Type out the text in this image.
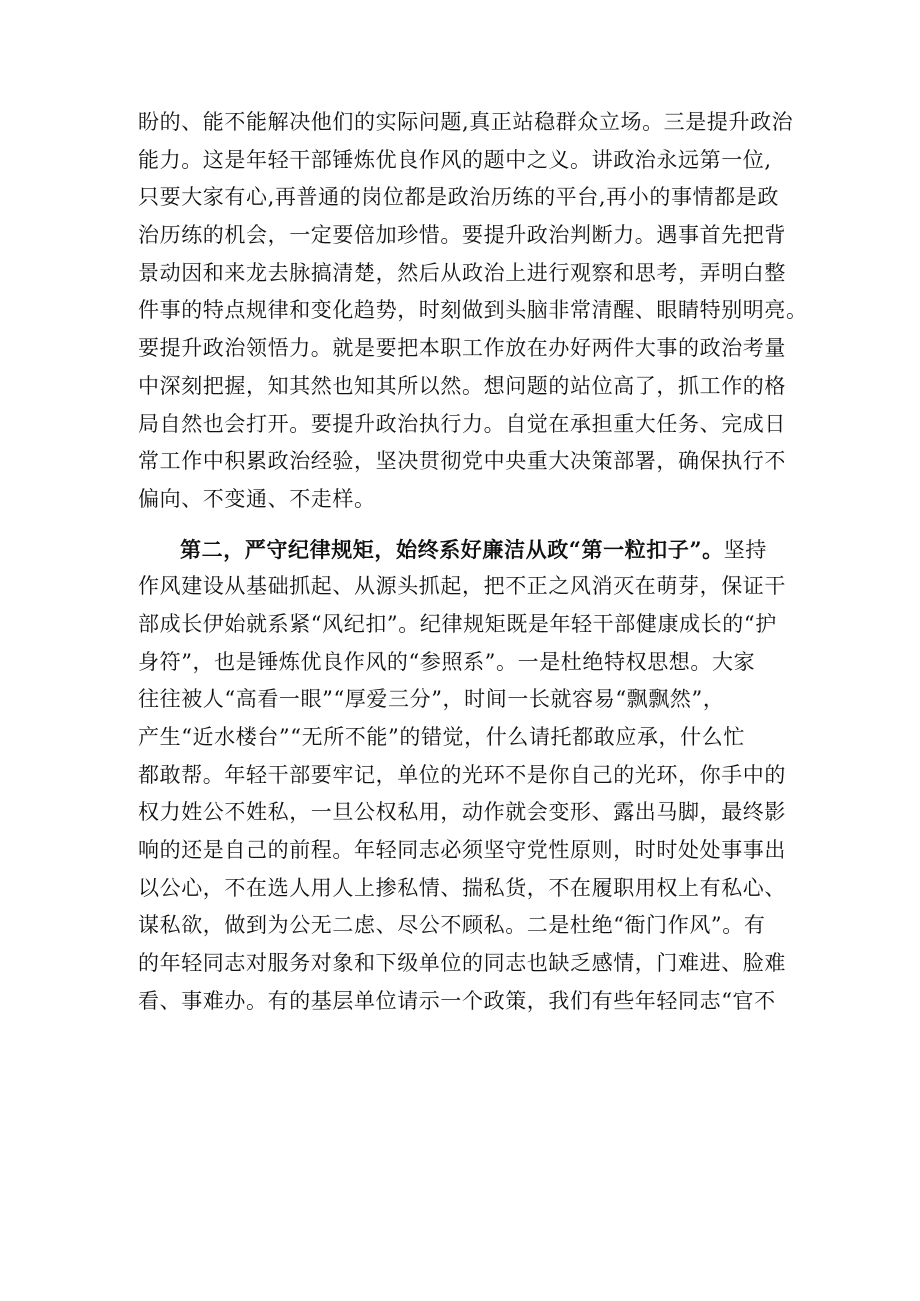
盼的、能不能解决他们的实际问题,真正站稳群众立场。三是提升政治
能力。这是年轻干部锤炼优良作风的题中之义。讲政治永远第一位,
只要大家有心,再普通的岗位都是政治历练的平台,再小的事情都是政
治历练的机会，一定要倍加珍惜。要提升政治判断力。遇事首先把背
景动因和来龙去脉搞清楚，然后从政治上进行观察和思考，弄明白整
件事的特点规律和变化趋势，时刻做到头脑非常清醒、眼睛特别明亮。
要提升政治领悟力。就是要把本职工作放在办好两件大事的政治考量
中深刻把握，知其然也知其所以然。想问题的站位高了，抓工作的格
局自然也会打开。要提升政治执行力。自觉在承担重大任务、完成日
常工作中积累政治经验，坚决贯彻党中央重大决策部署，确保执行不
偏向、不变通、不走样。
第二，严守纪律规矩，始终系好廉洁从政“第一粒扣子”。坚持
作风建设从基础抓起、从源头抓起，把不正之风消灭在萌芽，保证干
部成长伊始就系紧“风纪扣”。纪律规矩既是年轻干部健康成长的“护
身符”，也是锤炼优良作风的“参照系”。一是杜绝特权思想。大家
往往被人“高看一眼”“厚爱三分”，时间一长就容易“飘飘然”，
产生“近水楼台”“无所不能”的错觉，什么请托都敢应承，什么忙
都敢帮。年轻干部要牢记，单位的光环不是你自己的光环，你手中的
权力姓公不姓私，一旦公权私用，动作就会变形、露出马脚，最终影
响的还是自己的前程。年轻同志必须坚守党性原则，时时处处事事出
以公心，不在选人用人上掺私情、揣私货，不在履职用权上有私心、
谋私欲，做到为公无二虑、尽公不顾私。二是杜绝“衙门作风”。有
的年轻同志对服务对象和下级单位的同志也缺乏感情，门难进、脸难
看、事难办。有的基层单位请示一个政策，我们有些年轻同志“官不
